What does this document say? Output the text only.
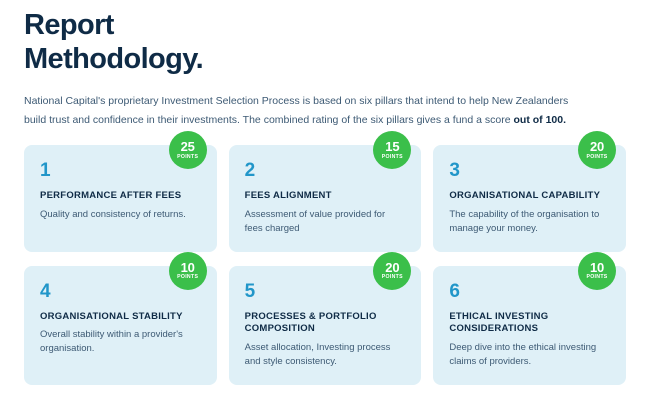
Report
Methodology.

National Capital's proprietary Investment Selection Process is based on six pillars that intend to help New Zealanders build trust and confidence in their investments. The combined rating of the six pillars gives a fund a score out of 100.

25
POINTS
1
PERFORMANCE AFTER FEES
Quality and consistency of returns.
15
POINTS
2
FEES ALIGNMENT
Assessment of value provided for fees charged
20
POINTS
3
ORGANISATIONAL CAPABILITY
The capability of the organisation to manage your money.
10
POINTS
4
ORGANISATIONAL STABILITY
Overall stability within a provider's organisation.
20
POINTS
5
PROCESSES & PORTFOLIO COMPOSITION
Asset allocation, Investing process and style consistency.
10
POINTS
6
ETHICAL INVESTING CONSIDERATIONS
Deep dive into the ethical investing claims of providers.
